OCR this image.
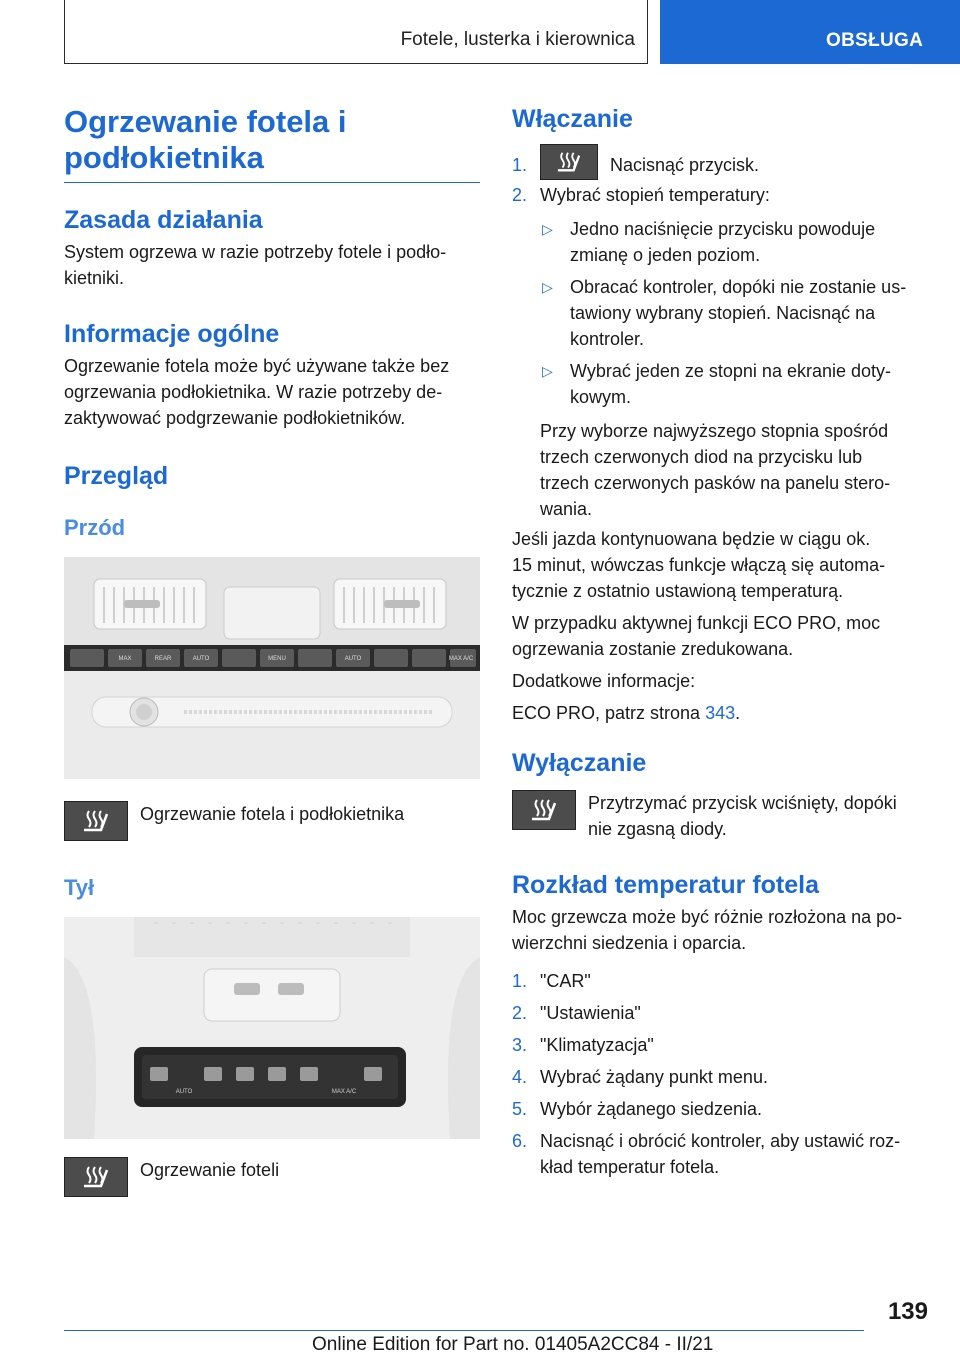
Fotele, lusterka i kierownica	OBSŁUGA
Ogrzewanie fotela i
podłokietnika
Zasada działania
System ogrzewa w razie potrzeby fotele i podło-
kietniki.
Informacje ogólne
Ogrzewanie fotela może być używane także bez
ogrzewania podłokietnika. W razie potrzeby de-
zaktywować podgrzewanie podłokietników.
Przegląd
Przód
MAX	REAR	AUTO	MENU	AUTO	MAX A/C
Ogrzewanie fotela i podłokietnika
Tył
AUTO	MAX A/C
Ogrzewanie foteli
Włączanie
1.	Nacisnąć przycisk.
2. Wybrać stopień temperatury:
▷ Jedno naciśnięcie przycisku powoduje
zmianę o jeden poziom.
▷ Obracać kontroler, dopóki nie zostanie us-
tawiony wybrany stopień. Nacisnąć na
kontroler.
▷ Wybrać jeden ze stopni na ekranie doty-
kowym.
Przy wyborze najwyższego stopnia spośród
trzech czerwonych diod na przycisku lub
trzech czerwonych pasków na panelu stero-
wania.
Jeśli jazda kontynuowana będzie w ciągu ok.
15 minut, wówczas funkcje włączą się automa-
tycznie z ostatnio ustawioną temperaturą.
W przypadku aktywnej funkcji ECO PRO, moc
ogrzewania zostanie zredukowana.
Dodatkowe informacje:
ECO PRO, patrz strona 343.
Wyłączanie
Przytrzymać przycisk wciśnięty, dopóki
nie zgasną diody.
Rozkład temperatur fotela
Moc grzewcza może być różnie rozłożona na po-
wierzchni siedzenia i oparcia.
1. "CAR"
2. "Ustawienia"
3. "Klimatyzacja"
4. Wybrać żądany punkt menu.
5. Wybór żądanego siedzenia.
6. Nacisnąć i obrócić kontroler, aby ustawić roz-
kład temperatur fotela.
139
Online Edition for Part no. 01405A2CC84 - II/21
